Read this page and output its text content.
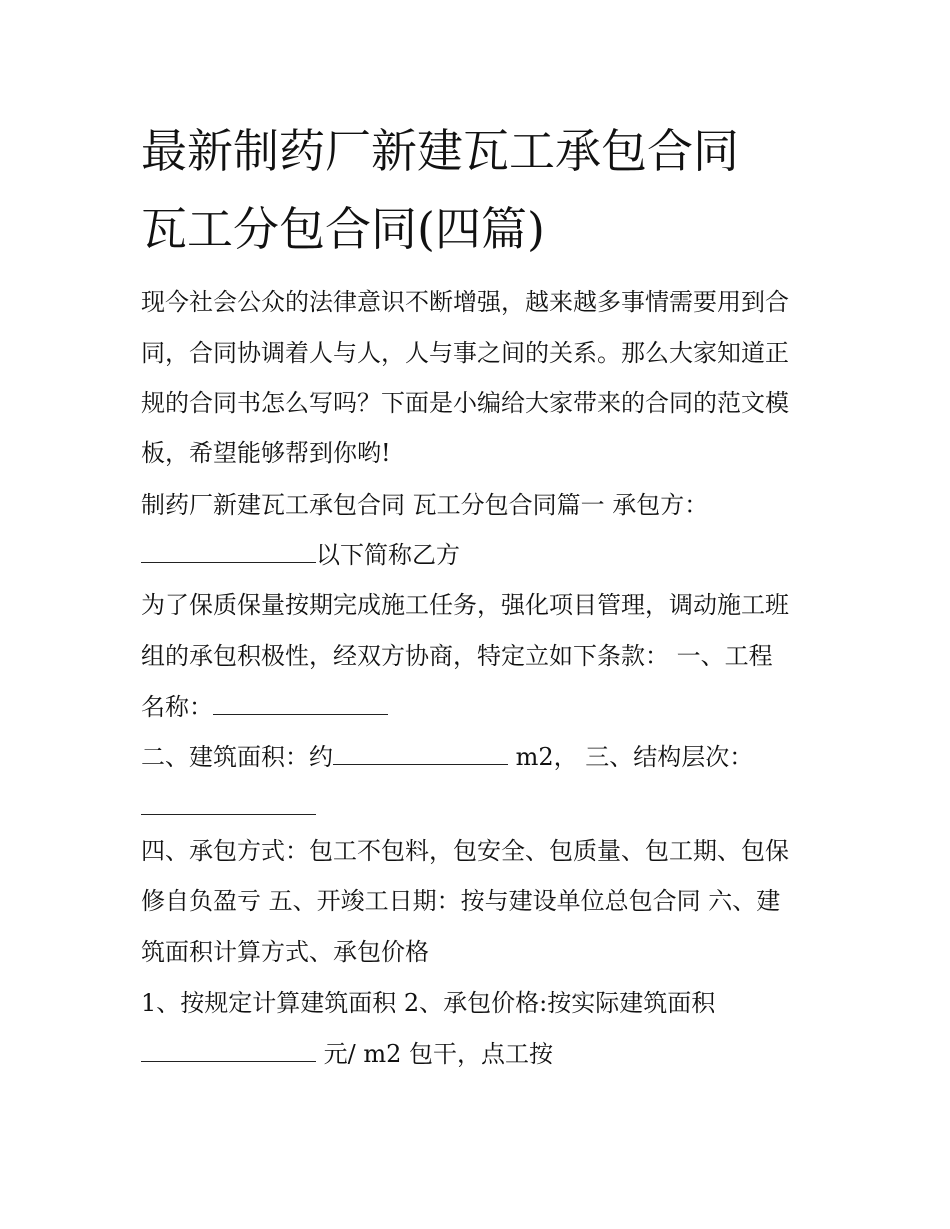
最新制药厂新建瓦工承包合同
瓦工分包合同(四篇)
现今社会公众的法律意识不断增强，越来越多事情需要用到合
同，合同协调着人与人，人与事之间的关系。那么大家知道正
规的合同书怎么写吗？下面是小编给大家带来的合同的范文模
板，希望能够帮到你哟!
制药厂新建瓦工承包合同 瓦工分包合同篇一 承包方：
以下简称乙方
为了保质保量按期完成施工任务，强化项目管理，调动施工班
组的承包积极性，经双方协商，特定立如下条款： 一、工程
名称：
二、建筑面积：约	m2， 三、结构层次：
四、承包方式：包工不包料，包安全、包质量、包工期、包保
修自负盈亏 五、开竣工日期：按与建设单位总包合同 六、建
筑面积计算方式、承包价格
1、按规定计算建筑面积 2、承包价格:按实际建筑面积
元/ m2 包干，点工按
